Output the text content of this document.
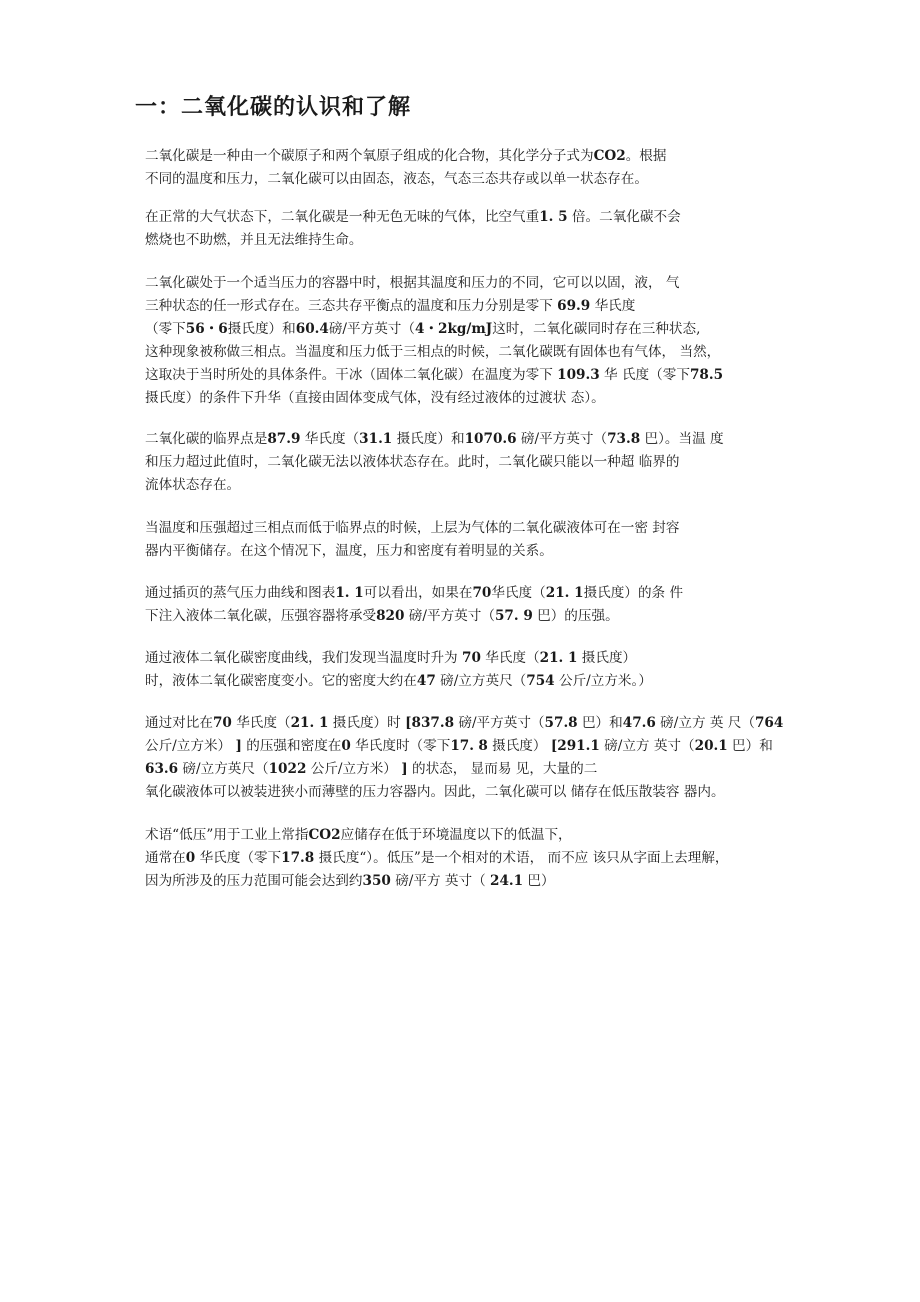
一：二氧化碳的认识和了解
二氧化碳是一种由一个碳原子和两个氧原子组成的化合物，其化学分子式为CO2。根据
不同的温度和压力，二氧化碳可以由固态，液态，气态三态共存或以单一状态存在。
在正常的大气状态下，二氧化碳是一种无色无味的气体，比空气重1. 5 倍。二氧化碳不会
燃烧也不助燃，并且无法维持生命。
二氧化碳处于一个适当压力的容器中时，根据其温度和压力的不同，它可以以固，液， 气
三种状态的任一形式存在。三态共存平衡点的温度和压力分别是零下 69.9 华氏度
（零下56・6摄氏度）和60.4磅/平方英寸（4・2kg/mJ这时，二氧化碳同时存在三种状态,
这种现象被称做三相点。当温度和压力低于三相点的时候，二氧化碳既有固体也有气体， 当然，
这取决于当时所处的具体条件。干冰（固体二氧化碳）在温度为零下 109.3 华 氏度（零下78.5
摄氏度）的条件下升华（直接由固体变成气体，没有经过液体的过渡状 态）。
二氧化碳的临界点是87.9 华氏度（31.1 摄氏度）和1070.6 磅/平方英寸（73.8 巴）。当温 度
和压力超过此值时，二氧化碳无法以液体状态存在。此时，二氧化碳只能以一种超 临界的
流体状态存在。
当温度和压强超过三相点而低于临界点的时候，上层为气体的二氧化碳液体可在一密 封容
器内平衡储存。在这个情况下，温度，压力和密度有着明显的关系。
通过插页的蒸气压力曲线和图表1. 1可以看出，如果在70华氏度（21. 1摄氏度）的条 件
下注入液体二氧化碳，压强容器将承受820 磅/平方英寸（57. 9 巴）的压强。
通过液体二氧化碳密度曲线，我们发现当温度时升为 70 华氏度（21. 1 摄氏度）
时，液体二氧化碳密度变小。它的密度大约在47 磅/立方英尺（754 公斤/立方米。）
通过对比在70 华氏度（21. 1 摄氏度）时 [837.8 磅/平方英寸（57.8 巴）和47.6 磅/立方 英 尺（764
公斤/立方米） ] 的压强和密度在0 华氏度时（零下17. 8 摄氏度） [291.1 磅/立方 英寸（20.1 巴）和
63.6 磅/立方英尺（1022 公斤/立方米） ] 的状态， 显而易 见，大量的二
氧化碳液体可以被装进狭小而薄壁的压力容器内。因此，二氧化碳可以 储存在低压散装容 器内。
术语“低压”用于工业上常指CO2应储存在低于环境温度以下的低温下，
通常在0 华氏度（零下17.8 摄氏度“）。低压”是一个相对的术语， 而不应 该只从字面上去理解，
因为所涉及的压力范围可能会达到约350 磅/平方 英寸（ 24.1 巴）
